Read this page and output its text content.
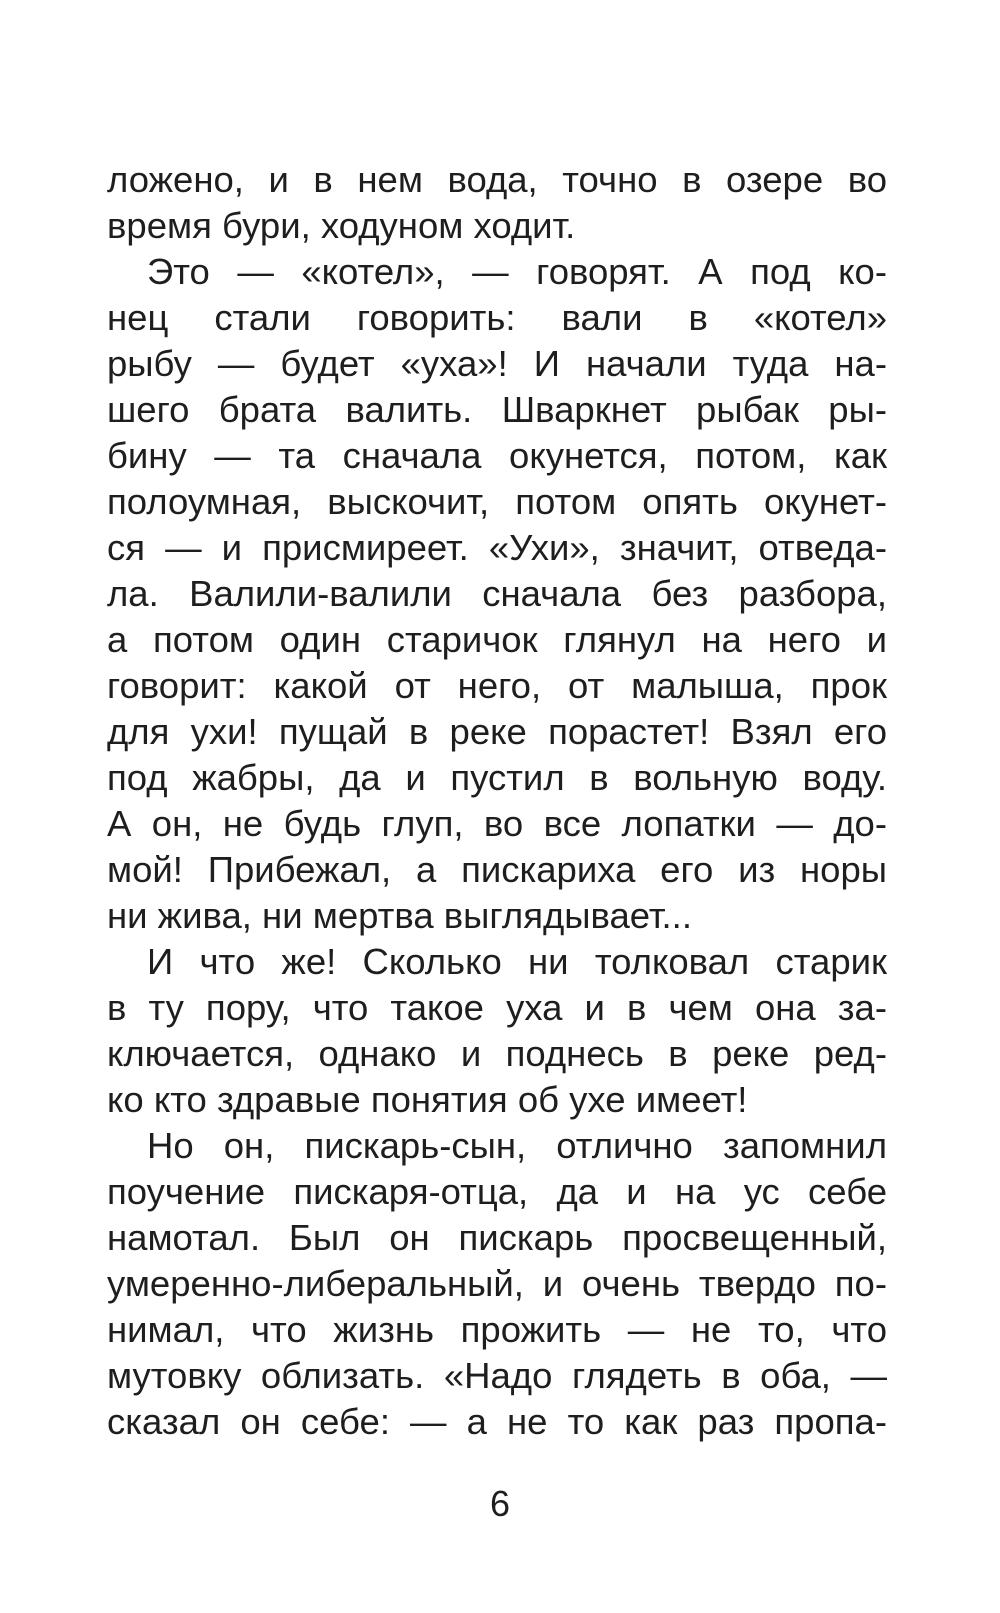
ложено, и в нем вода, точно в озере во
время бури, ходуном ходит.
Это — «котел», — говорят. А под ко-
нец стали говорить: вали в «котел»
рыбу — будет «уха»! И начали туда на-
шего брата валить. Шваркнет рыбак ры-
бину — та сначала окунется, потом, как
полоумная, выскочит, потом опять окунет-
ся — и присмиреет. «Ухи», значит, отведа-
ла. Валили-валили сначала без разбора,
а потом один старичок глянул на него и
говорит: какой от него, от малыша, прок
для ухи! пущай в реке порастет! Взял его
под жабры, да и пустил в вольную воду.
А он, не будь глуп, во все лопатки — до-
мой! Прибежал, а пискариха его из норы
ни жива, ни мертва выглядывает...
И что же! Сколько ни толковал старик
в ту пору, что такое уха и в чем она за-
ключается, однако и поднесь в реке ред-
ко кто здравые понятия об ухе имеет!
Но он, пискарь-сын, отлично запомнил
поучение пискаря-отца, да и на ус себе
намотал. Был он пискарь просвещенный,
умеренно-либеральный, и очень твердо по-
нимал, что жизнь прожить — не то, что
мутовку облизать. «Надо глядеть в оба, —
сказал он себе: — а не то как раз пропа-
6
